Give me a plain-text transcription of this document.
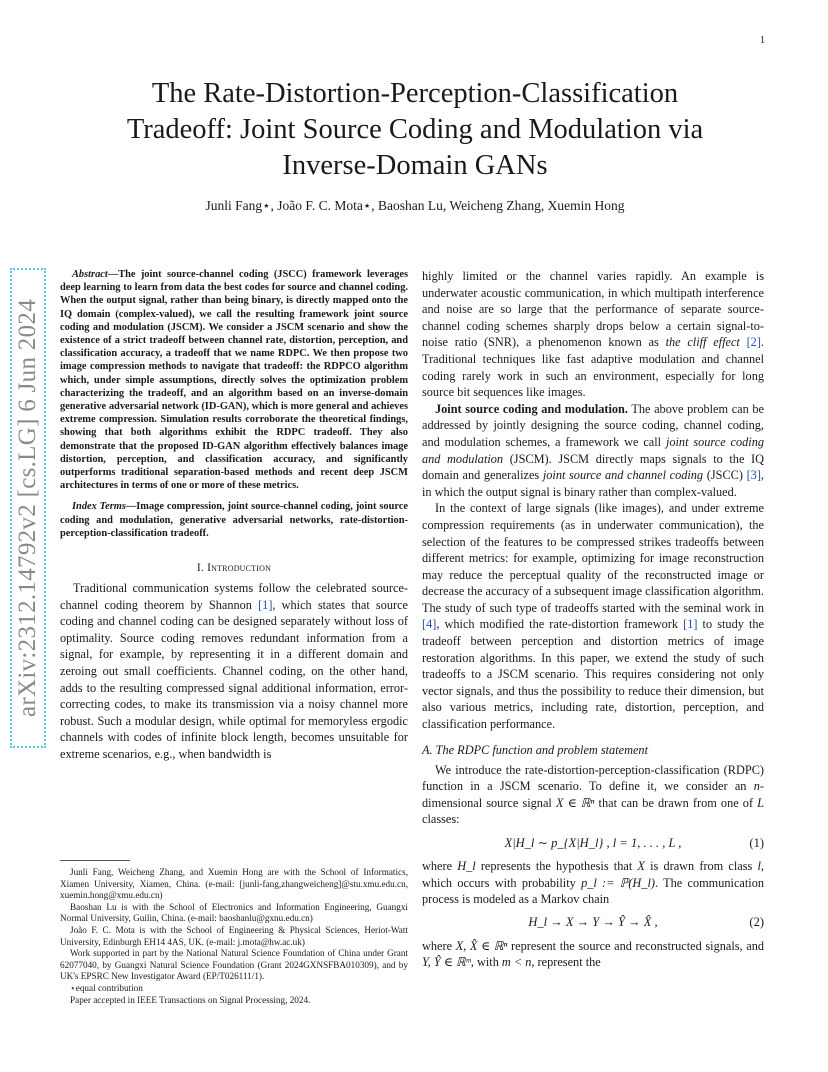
1
arXiv:2312.14792v2 [cs.LG] 6 Jun 2024
The Rate-Distortion-Perception-Classification
Tradeoff: Joint Source Coding and Modulation via
Inverse-Domain GANs
Junli Fang⋆, João F. C. Mota⋆, Baoshan Lu, Weicheng Zhang, Xuemin Hong

Abstract—The joint source-channel coding (JSCC) framework leverages deep learning to learn from data the best codes for source and channel coding. When the output signal, rather than being binary, is directly mapped onto the IQ domain (complex-valued), we call the resulting framework joint source coding and modulation (JSCM). We consider a JSCM scenario and show the existence of a strict tradeoff between channel rate, distortion, perception, and classification accuracy, a tradeoff that we name RDPC. We then propose two image compression methods to navigate that tradeoff: the RDPCO algorithm which, under simple assumptions, directly solves the optimization problem characterizing the tradeoff, and an algorithm based on an inverse-domain generative adversarial network (ID-GAN), which is more general and achieves extreme compression. Simulation results corroborate the theoretical findings, showing that both algorithms exhibit the RDPC tradeoff. They also demonstrate that the proposed ID-GAN algorithm effectively balances image distortion, perception, and classification accuracy, and significantly outperforms traditional separation-based methods and recent deep JSCM architectures in terms of one or more of these metrics.

Index Terms—Image compression, joint source-channel coding, joint source coding and modulation, generative adversarial networks, rate-distortion-perception-classification tradeoff.

I. Introduction

Traditional communication systems follow the celebrated source-channel coding theorem by Shannon [1], which states that source coding and channel coding can be designed separately without loss of optimality. Source coding removes redundant information from a signal, for example, by representing it in a different domain and zeroing out small coefficients. Channel coding, on the other hand, adds to the resulting compressed signal additional information, error-correcting codes, to make its transmission via a noisy channel more robust. Such a modular design, while optimal for memoryless ergodic channels with codes of infinite block length, becomes unsuitable for extreme scenarios, e.g., when bandwidth is

Junli Fang, Weicheng Zhang, and Xuemin Hong are with the School of Informatics, Xiamen University, Xiamen, China. (e-mail: [junli-fang,zhangweicheng]@stu.xmu.edu.cn, xuemin.hong@xmu.edu.cn)

Baoshan Lu is with the School of Electronics and Information Engineering, Guangxi Normal University, Guilin, China. (e-mail: baoshanlu@gxnu.edu.cn)

João F. C. Mota is with the School of Engineering & Physical Sciences, Heriot-Watt University, Edinburgh EH14 4AS, UK. (e-mail: j.mota@hw.ac.uk)

Work supported in part by the National Natural Science Foundation of China under Grant 62077040, by Guangxi Natural Science Foundation (Grant 2024GXNSFBA010309), and by UK's EPSRC New Investigator Award (EP/T026111/1).

⋆equal contribution

Paper accepted in IEEE Transactions on Signal Processing, 2024.

highly limited or the channel varies rapidly. An example is underwater acoustic communication, in which multipath interference and noise are so large that the performance of separate source-channel coding schemes sharply drops below a certain signal-to-noise ratio (SNR), a phenomenon known as the cliff effect [2]. Traditional techniques like fast adaptive modulation and channel coding rarely work in such an environment, especially for long source bit sequences like images.

Joint source coding and modulation. The above problem can be addressed by jointly designing the source coding, channel coding, and modulation schemes, a framework we call joint source coding and modulation (JSCM). JSCM directly maps signals to the IQ domain and generalizes joint source and channel coding (JSCC) [3], in which the output signal is binary rather than complex-valued.

In the context of large signals (like images), and under extreme compression requirements (as in underwater communication), the selection of the features to be compressed strikes tradeoffs between different metrics: for example, optimizing for image reconstruction may reduce the perceptual quality of the reconstructed image or decrease the accuracy of a subsequent image classification algorithm. The study of such type of tradeoffs started with the seminal work in [4], which modified the rate-distortion framework [1] to study the tradeoff between perception and distortion metrics of image restoration algorithms. In this paper, we extend the study of such tradeoffs to a JSCM scenario. This requires considering not only vector signals, and thus the possibility to reduce their dimension, but also various metrics, including rate, distortion, perception, and classification performance.

A. The RDPC function and problem statement

We introduce the rate-distortion-perception-classification (RDPC) function in a JSCM scenario. To define it, we consider an n-dimensional source signal X ∈ ℝⁿ that can be drawn from one of L classes:

X|H_l ∼ p_{X|H_l} , l = 1, . . . , L ,	(1)

where H_l represents the hypothesis that X is drawn from class l, which occurs with probability p_l := ℙ(H_l). The communication process is modeled as a Markov chain

H_l → X → Y → Ŷ → X̂ ,	(2)

where X, X̂ ∈ ℝⁿ represent the source and reconstructed signals, and Y, Ŷ ∈ ℝᵐ, with m < n, represent the
